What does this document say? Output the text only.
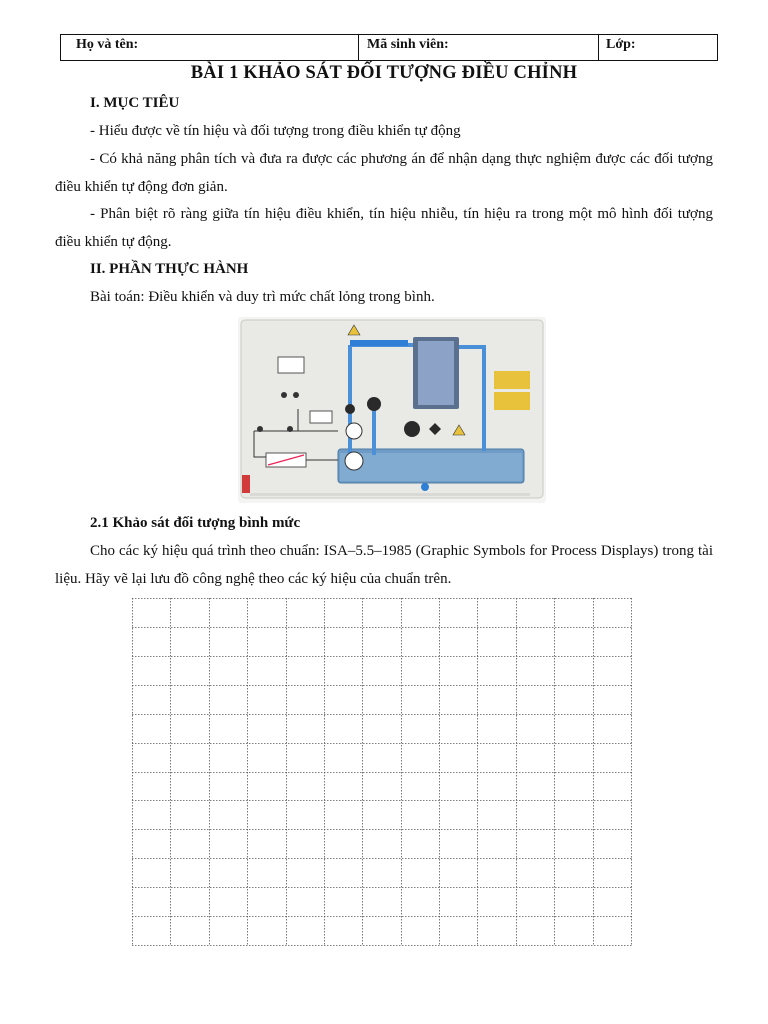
Họ và tên:	Mã sinh viên:	Lớp:
BÀI 1 KHẢO SÁT ĐỐI TƯỢNG ĐIỀU CHỈNH
I. MỤC TIÊU
- Hiểu được về tín hiệu và đối tượng trong điều khiển tự động
- Có khả năng phân tích và đưa ra được các phương án để nhận dạng thực nghiệm được các đối tượng điều khiển tự động đơn giản.
- Phân biệt rõ ràng giữa tín hiệu điều khiển, tín hiệu nhiễu, tín hiệu ra trong một mô hình đối tượng điều khiển tự động.
II. PHẦN THỰC HÀNH
Bài toán: Điều khiển và duy trì mức chất lỏng trong bình.
2.1 Khảo sát đối tượng bình mức
Cho các ký hiệu quá trình theo chuẩn: ISA–5.5–1985 (Graphic Symbols for Process Displays) trong tài liệu. Hãy vẽ lại lưu đồ công nghệ theo các ký hiệu của chuẩn trên.
